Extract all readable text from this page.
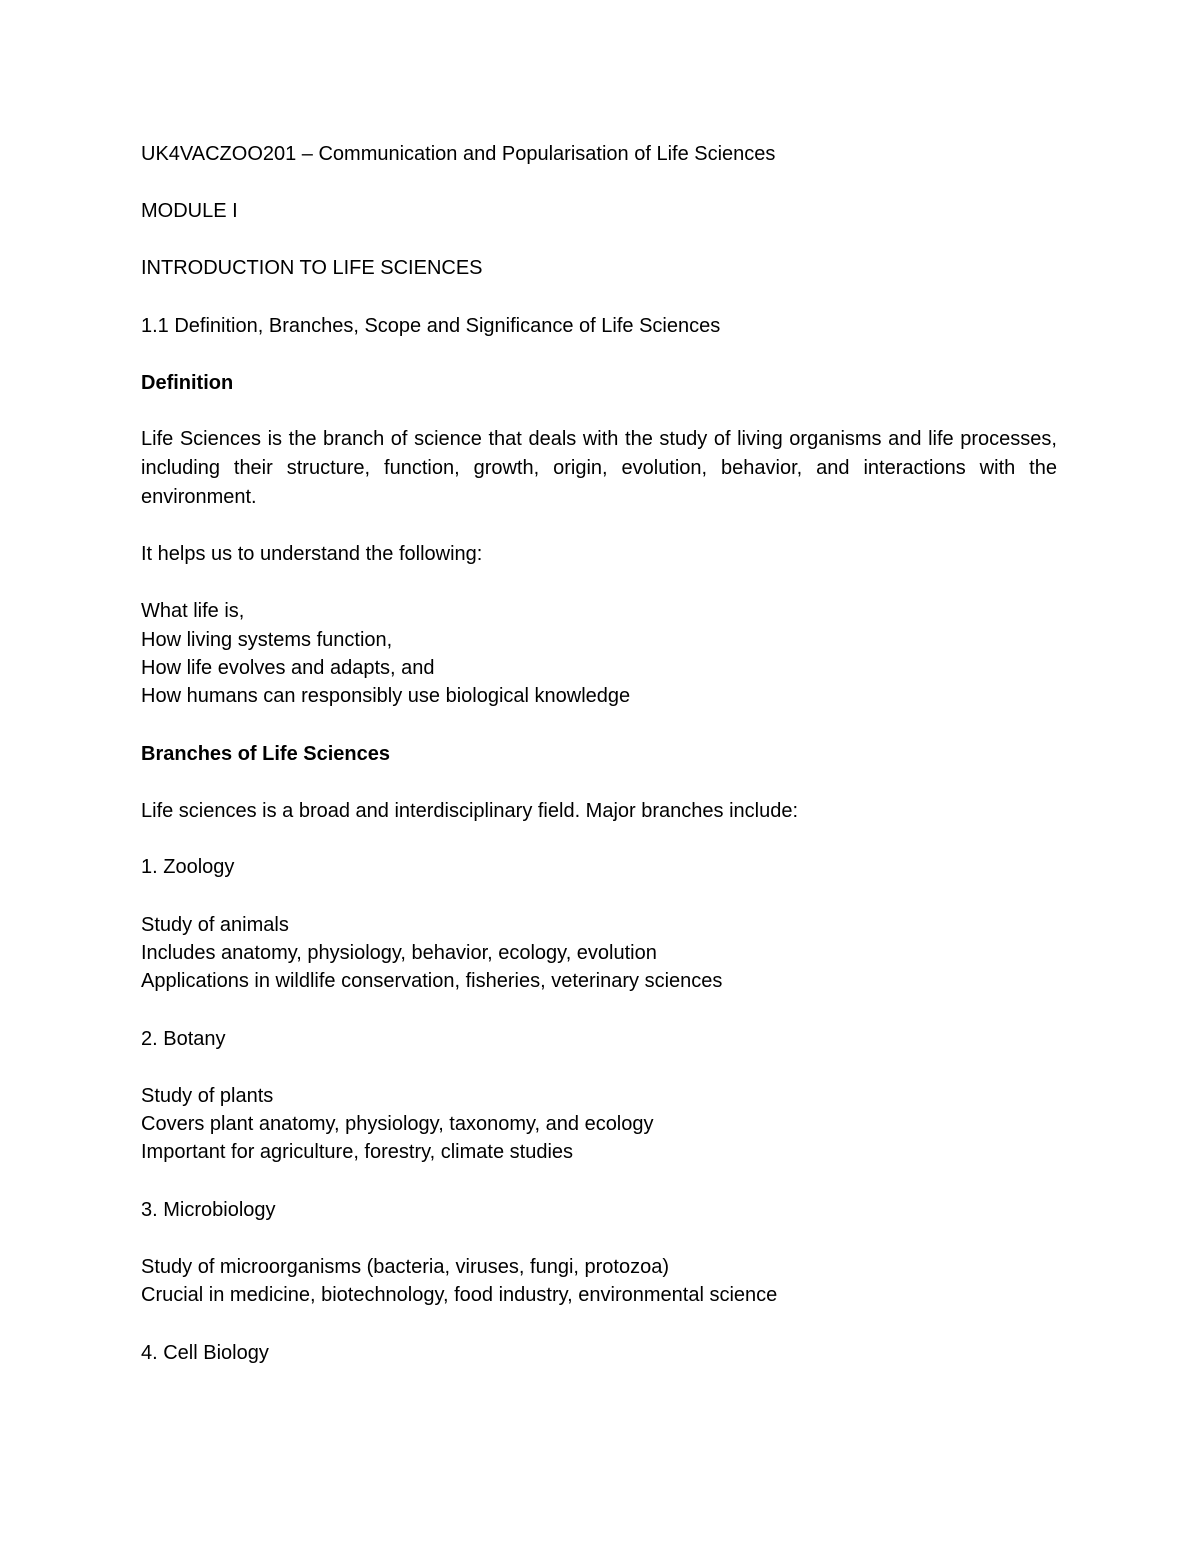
UK4VACZOO201 – Communication and Popularisation of Life Sciences

MODULE I

INTRODUCTION TO LIFE SCIENCES

1.1 Definition, Branches, Scope and Significance of Life Sciences

Definition

Life Sciences is the branch of science that deals with the study of living organisms and life processes, including their structure, function, growth, origin, evolution, behavior, and interactions with the environment.

It helps us to understand the following:

What life is,

How living systems function,

How life evolves and adapts, and

How humans can responsibly use biological knowledge

Branches of Life Sciences

Life sciences is a broad and interdisciplinary field. Major branches include:

1. Zoology

Study of animals

Includes anatomy, physiology, behavior, ecology, evolution

Applications in wildlife conservation, fisheries, veterinary sciences

2. Botany

Study of plants

Covers plant anatomy, physiology, taxonomy, and ecology

Important for agriculture, forestry, climate studies

3. Microbiology

Study of microorganisms (bacteria, viruses, fungi, protozoa)

Crucial in medicine, biotechnology, food industry, environmental science

4. Cell Biology
